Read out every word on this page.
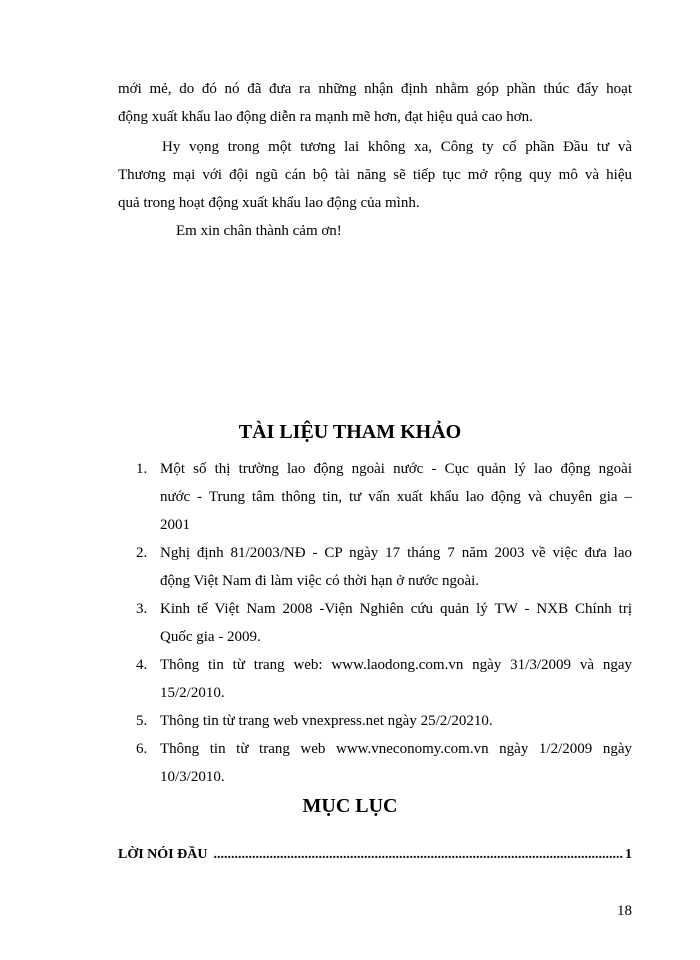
mới mẻ, do đó nó đã đưa ra những nhận định nhằm góp phần thúc đẩy hoạt
động xuất khẩu lao động diễn ra mạnh mẽ hơn, đạt hiệu quả cao hơn.
Hy vọng trong một tương lai không xa, Công ty cổ phần Đầu tư và
Thương mại với đội ngũ cán bộ tài năng sẽ tiếp tục mở rộng quy mô và hiệu
quả trong hoạt động xuất khẩu lao động của mình.
Em xin chân thành cảm ơn!
TÀI LIỆU THAM KHẢO
1. Một số thị trường lao động ngoài nước - Cục quản lý lao động ngoài
nước - Trung tâm thông tin, tư vấn xuất khẩu lao động và chuyên gia –
2001
2. Nghị định 81/2003/NĐ - CP ngày 17 tháng 7 năm 2003 về việc đưa lao
động Việt Nam đi làm việc có thời hạn ở nước ngoài.
3. Kinh tế Việt Nam 2008 -Viện Nghiên cứu quản lý TW - NXB Chính trị
Quốc gia - 2009.
4. Thông tin từ trang web: www.laodong.com.vn ngày 31/3/2009 và ngay
15/2/2010.
5. Thông tin từ trang web vnexpress.net ngày 25/2/20210.
6. Thông tin từ trang web www.vneconomy.com.vn ngày 1/2/2009 ngày
10/3/2010.
MỤC LỤC
LỜI NÓI ĐẦU
.....	1
18
